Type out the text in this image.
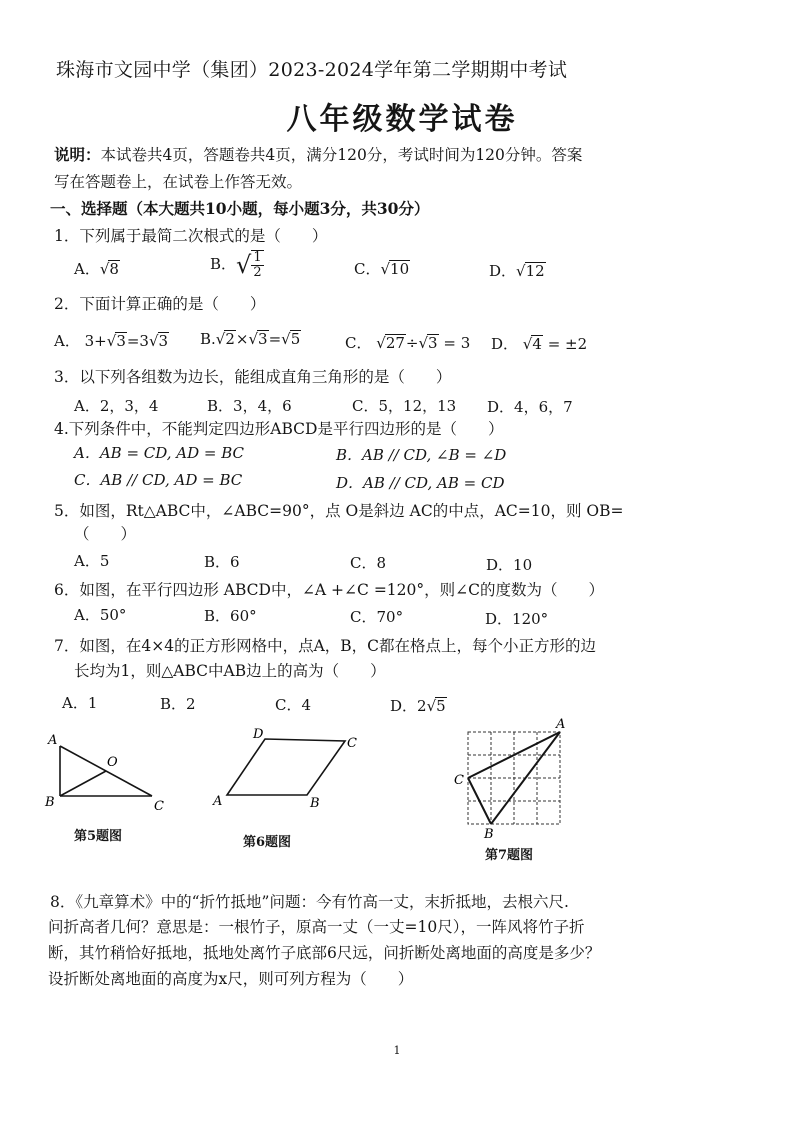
珠海市文园中学（集团）2023-2024学年第二学期期中考试
八年级数学试卷
说明：本试卷共4页，答题卷共4页，满分120分，考试时间为120分钟。答案
写在答题卷上，在试卷上作答无效。
一、选择题（本大题共10小题，每小题3分，共30分）
1．下列属于最简二次根式的是（　　）
A．√8	B．√ $\frac{1}{2}$	C．√10	D．√12
2．下面计算正确的是（　　）
A． 3+√3=3√3 B.√2×√3=√5	C． √27÷√3 = 3 D． √4 = ±2
3．以下列各组数为边长，能组成直角三角形的是（　　）
A．2，3，4	B．3，4，6	C．5，12，13 D．4，6，7
4.下列条件中，不能判定四边形ABCD是平行四边形的是（　　）
A．AB = CD, AD = BC	B．AB // CD, ∠B = ∠D
C．AB // CD, AD = BC	D．AB // CD, AB = CD
5．如图，Rt△ABC中，∠ABC=90°，点 O是斜边 AC的中点，AC=10，则 OB=
（　　）
A．5	B．6	C．8	D．10
6．如图，在平行四边形 ABCD中，∠A +∠C =120°，则∠C的度数为（　　）
A．50°	B．60°	C．70°	D．120°
7．如图，在4×4的正方形网格中，点A，B，C都在格点上，每个小正方形的边
长均为1，则△ABC中AB边上的高为（　　）
A．1	B．2	C．4	D．2√5
A
O
B	C
第5题图
D
C
A	B
第6题图
A
C
B
第7题图
8．《九章算术》中的“折竹抵地”问题：今有竹高一丈，末折抵地，去根六尺.
问折高者几何？意思是：一根竹子，原高一丈（一丈=10尺），一阵风将竹子折
断，其竹稍恰好抵地，抵地处离竹子底部6尺远，问折断处离地面的高度是多少？
设折断处离地面的高度为x尺，则可列方程为（　　）
1
